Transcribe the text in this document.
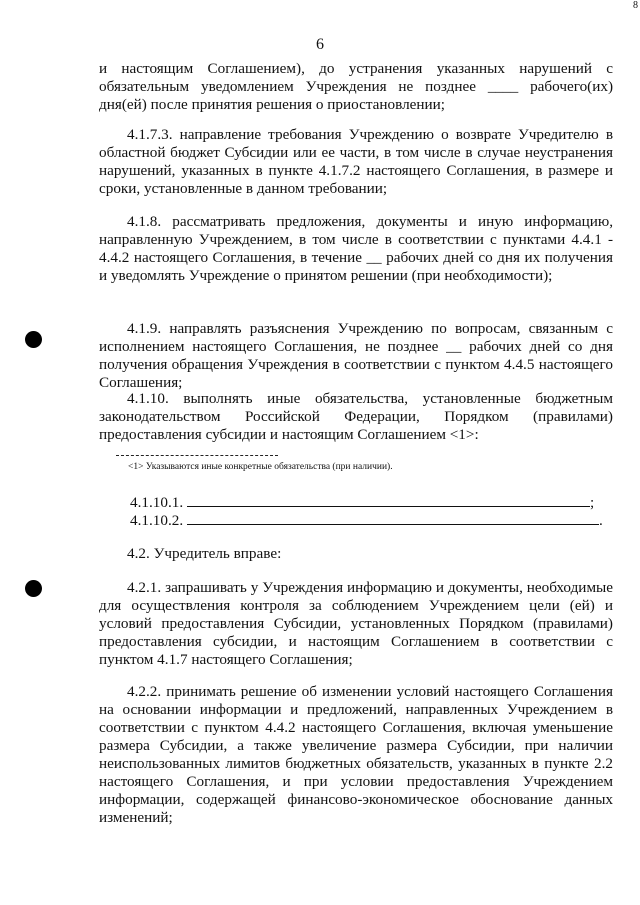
6
8

и настоящим Соглашением), до устранения указанных нарушений с обязательным уведомлением Учреждения не позднее ____ рабочего(их) дня(ей) после принятия решения о приостановлении;

4.1.7.3. направление требования Учреждению о возврате Учредителю в областной бюджет Субсидии или ее части, в том числе в случае неустранения нарушений, указанных в пункте 4.1.7.2 настоящего Соглашения, в размере и сроки, установленные в данном требовании;

4.1.8. рассматривать предложения, документы и иную информацию, направленную Учреждением, в том числе в соответствии с пунктами 4.4.1 - 4.4.2 настоящего Соглашения, в течение __ рабочих дней со дня их получения и уведомлять Учреждение о принятом решении (при необходимости);

4.1.9. направлять разъяснения Учреждению по вопросам, связанным с исполнением настоящего Соглашения, не позднее __ рабочих дней со дня получения обращения Учреждения в соответствии с пунктом 4.4.5 настоящего Соглашения;

4.1.10. выполнять иные обязательства, установленные бюджетным законодательством Российской Федерации, Порядком (правилами) предоставления субсидии и настоящим Соглашением <1>:

<1> Указываются иные конкретные обязательства (при наличии).
4.1.10.1.	;
4.1.10.2.	.

4.2. Учредитель вправе:

4.2.1. запрашивать у Учреждения информацию и документы, необходимые для осуществления контроля за соблюдением Учреждением цели (ей) и условий предоставления Субсидии, установленных Порядком (правилами) предоставления субсидии, и настоящим Соглашением в соответствии с пунктом 4.1.7 настоящего Соглашения;

4.2.2. принимать решение об изменении условий настоящего Соглашения на основании информации и предложений, направленных Учреждением в соответствии с пунктом 4.4.2 настоящего Соглашения, включая уменьшение размера Субсидии, а также увеличение размера Субсидии, при наличии неиспользованных лимитов бюджетных обязательств, указанных в пункте 2.2 настоящего Соглашения, и при условии предоставления Учреждением информации, содержащей финансово-экономическое обоснование данных изменений;
